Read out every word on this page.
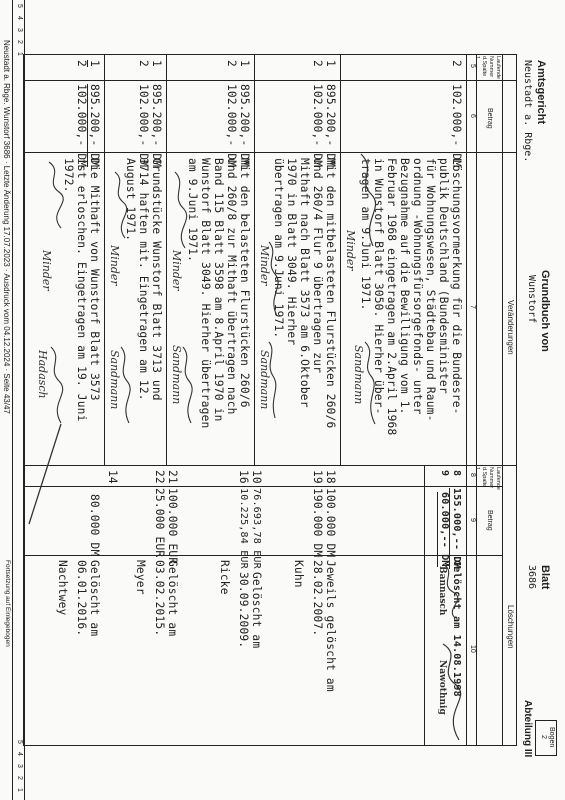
Amtsgericht
Neustadt a. Rbge.
Grundbuch von
Wunstorf
Blatt
3686
Bogen
2
Abteilung III
Veränderungen
Löschungen
Laufende Nummer d.Spalte 1
Betrag
Laufende Nummer d.Spalte 1
Betrag
5
6
7
8
9
10
2
102.000,- DM
Löschungsvormerkung für die Bundesre-
publik Deutschland (Bundesminister
für Wohnungswesen, Städtebau und Raum-
ordnung -Wohnungsfürsorgefonds- unter
Bezugnahme auf die Bewilligung vom 1.
Februar 1968 eingetragen am 2.April 1968
in Wunstorf Blatt 3050. Hierher über-
tragen am 9.Juni 1971.
Minder
Sandmann
1
895.200,- DM
2
102.000,- DM
Mit den mitbelasteten Flurstücken 260/6
und 260/4 Flur 9 übertragen zur
Mithaft nach Blatt 3573 am 6.Oktober
1970 in Blatt 3049. Hierher
übertragen am 9.Juni 1971.
Minder
Sandmann
1
895.200,- DM
2
102.000,- DM
Mit den belasteten Flurstücken 260/6
und 260/8 zur Mithaft übertragen nach
Band 115 Blatt 3598 am 8.April 1970 in
Wunstorf Blatt 3049. Hierher übertragen
am 9.Juni 1971.
Minder
Sandmann
1
895.200,- DM
2
102.000,- DM
Grundstücke Wunstorf Blatt 3713 und
3714 haften mit. Eingetragen am 12.
August 1971.
Minder
Sandmann
1
895.200,- DM
2
102.000,- DM
Die Mithaft von Wunstorf Blatt 3573
ist erloschen. Eingetragen am 19. Juni
1972.
Minder
Hadasch
8
9
155.000,-- DM
60.000,-- DM
Gelöscht am 14.08.1998
Bannasch
Nawothnig
18
19
100.000 DM
190.000 DM
Jeweils gelöscht am
28.02.2007.
Kuhn
10
16
76.693,78 EUR
10.225,84 EUR
Gelöscht am
30.09.2009.
Ricke
21
22
100.000 EUR
25.000 EUR
Gelöscht am
03.02.2015.
Meyer
14
80.000 DM
Gelöscht am
06.01.2016.
Nachtwey
5
4
3
2
1
5
4
3
2
1
Neustadt a. Rbge. Wunstorf 3686 · Letzte Änderung 17.07.2023 · Ausdruck vom 04.12.2024 · Seite 43/47
Fortsetzung auf Einlegebogen
